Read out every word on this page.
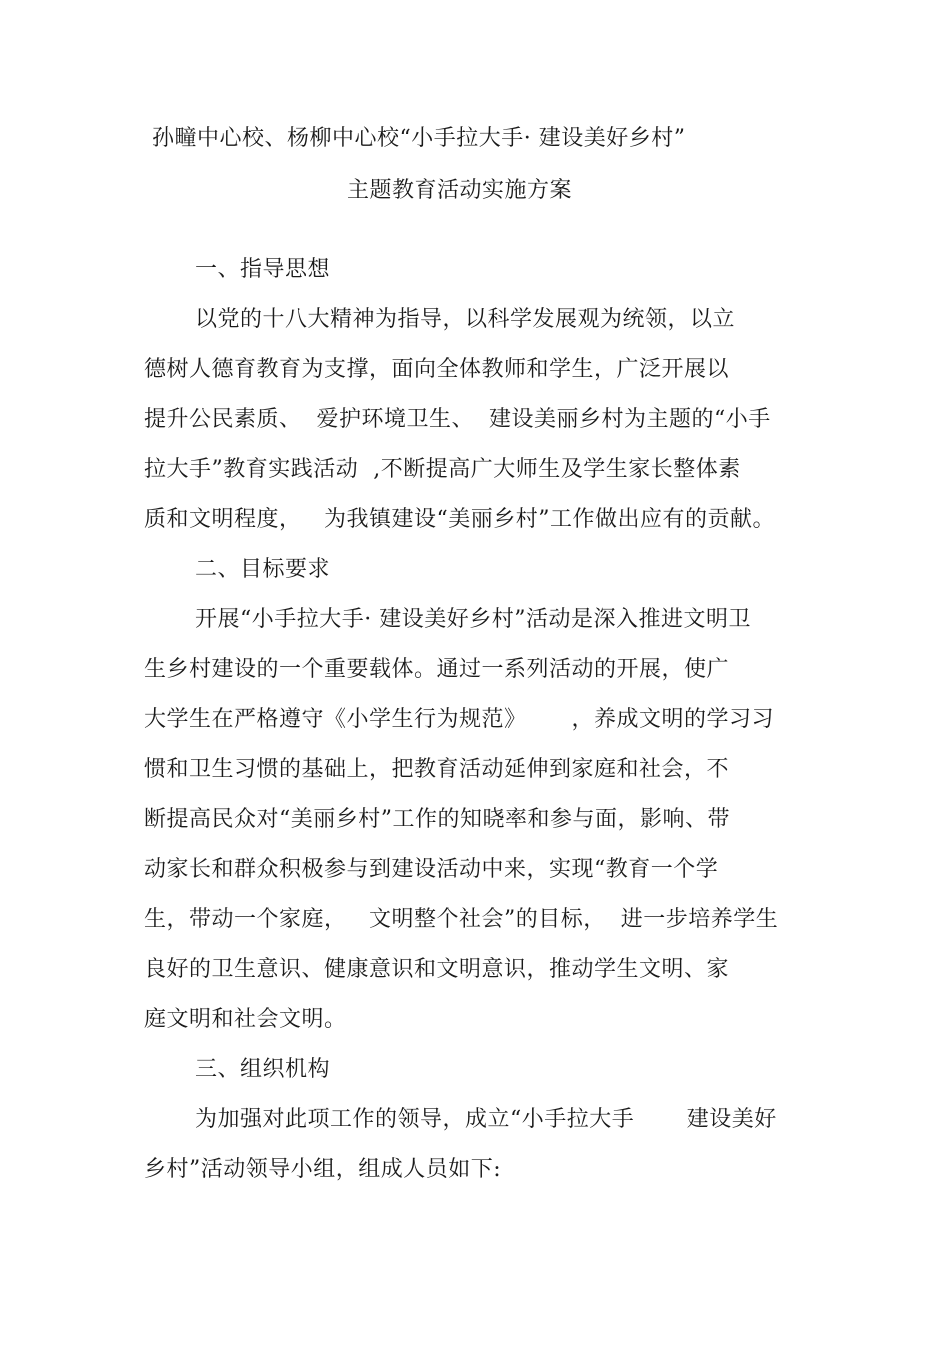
孙疃中心校、杨柳中心校“小手拉大手· 建设美好乡村”
主题教育活动实施方案
一、指导思想
以党的十八大精神为指导，以科学发展观为统领，以立
德树人德育教育为支撑，面向全体教师和学生，广泛开展以
提升公民素质、  爱护环境卫生、  建设美丽乡村为主题的“小手
拉大手”教育实践活动  ,不断提高广大师生及学生家长整体素
质和文明程度，   为我镇建设“美丽乡村”工作做出应有的贡献。
二、目标要求
开展“小手拉大手· 建设美好乡村”活动是深入推进文明卫
生乡村建设的一个重要载体。通过一系列活动的开展，使广
大学生在严格遵守《小学生行为规范》      ，养成文明的学习习
惯和卫生习惯的基础上，把教育活动延伸到家庭和社会，不
断提高民众对“美丽乡村”工作的知晓率和参与面，影响、带
动家长和群众积极参与到建设活动中来，实现“教育一个学
生，带动一个家庭，   文明整个社会”的目标，  进一步培养学生
良好的卫生意识、健康意识和文明意识，推动学生文明、家
庭文明和社会文明。
三、组织机构
为加强对此项工作的领导，成立“小手拉大手       建设美好
乡村”活动领导小组，组成人员如下:
